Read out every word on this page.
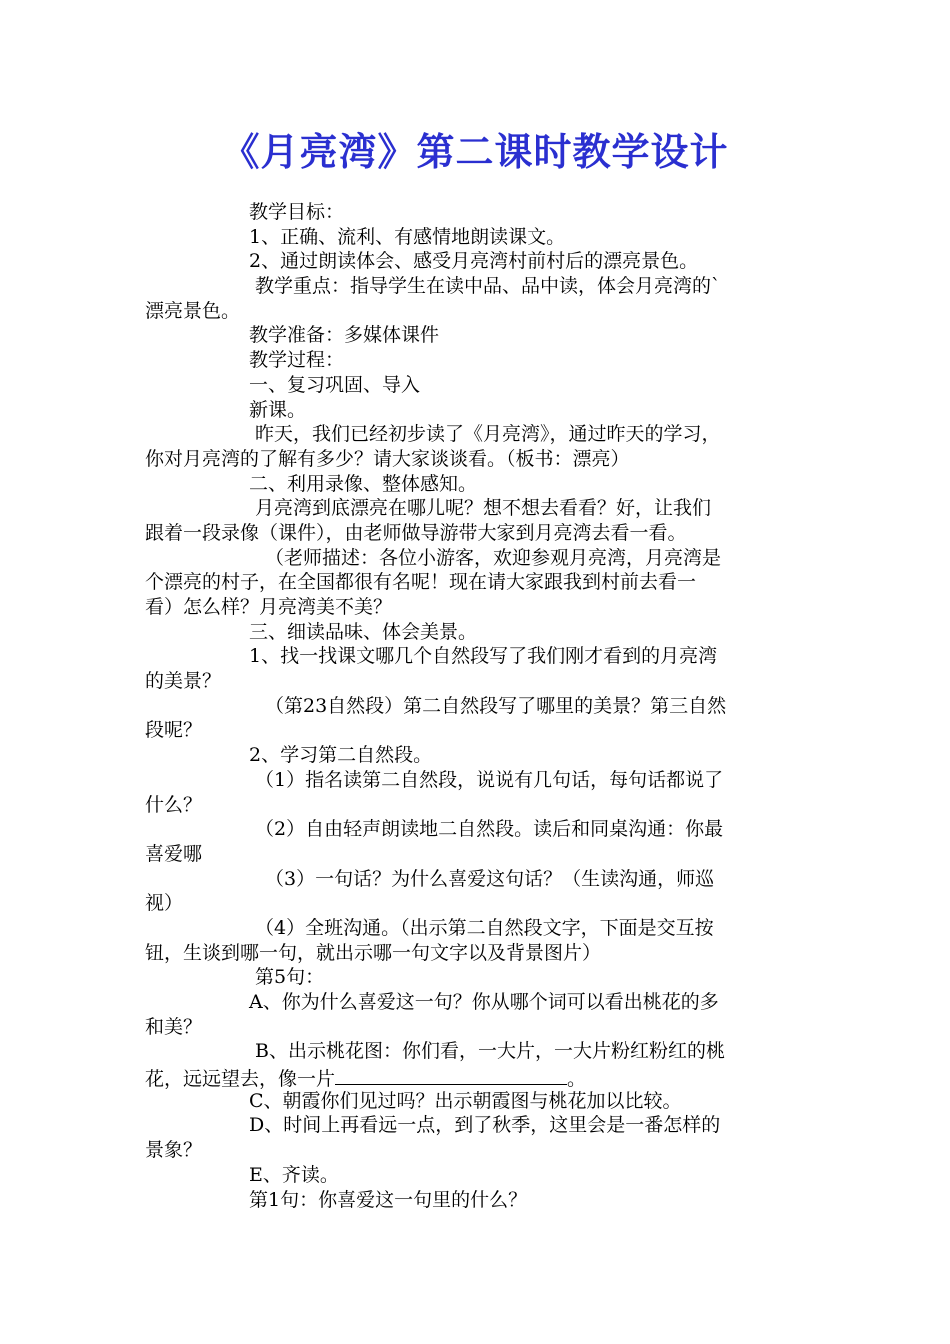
《月亮湾》第二课时教学设计
教学目标：
1、正确、流利、有感情地朗读课文。
2、通过朗读体会、感受月亮湾村前村后的漂亮景色。
教学重点：指导学生在读中品、品中读，体会月亮湾的`
漂亮景色。
教学准备：多媒体课件
教学过程：
一、复习巩固、导入
新课。
昨天，我们已经初步读了《月亮湾》，通过昨天的学习，
你对月亮湾的了解有多少？请大家谈谈看。（板书：漂亮）
二、利用录像、整体感知。
月亮湾到底漂亮在哪儿呢？想不想去看看？好，让我们
跟着一段录像（课件），由老师做导游带大家到月亮湾去看一看。
（老师描述：各位小游客，欢迎参观月亮湾，月亮湾是
个漂亮的村子，在全国都很有名呢！现在请大家跟我到村前去看一
看）怎么样？月亮湾美不美？
三、细读品味、体会美景。
1、找一找课文哪几个自然段写了我们刚才看到的月亮湾
的美景？
（第23自然段）第二自然段写了哪里的美景？第三自然
段呢？
2、学习第二自然段。
（1）指名读第二自然段，说说有几句话，每句话都说了
什么？
（2）自由轻声朗读地二自然段。读后和同桌沟通：你最
喜爱哪
（3）一句话？为什么喜爱这句话？（生读沟通，师巡
视）
（4）全班沟通。（出示第二自然段文字，下面是交互按
钮，生谈到哪一句，就出示哪一句文字以及背景图片）
第5句：
A、你为什么喜爱这一句？你从哪个词可以看出桃花的多
和美？
B、出示桃花图：你们看，一大片，一大片粉红粉红的桃
花，远远望去，像一片	。
C、朝霞你们见过吗？出示朝霞图与桃花加以比较。
D、时间上再看远一点，到了秋季，这里会是一番怎样的
景象？
E、齐读。
第1句：你喜爱这一句里的什么？
